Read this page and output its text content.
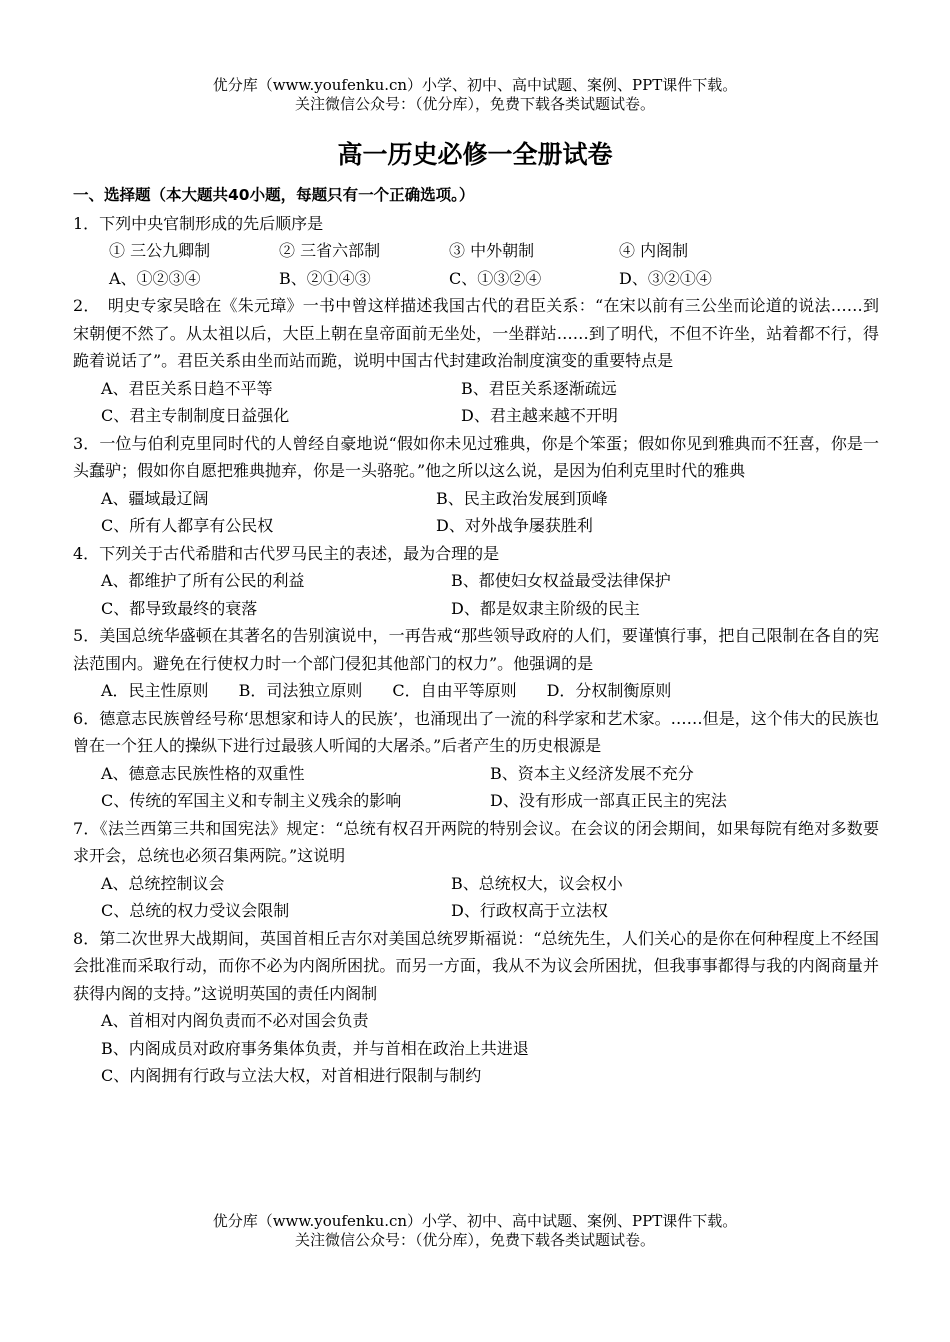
优分库（www.youfenku.cn）小学、初中、高中试题、案例、PPT课件下载。
关注微信公众号：（优分库），免费下载各类试题试卷。
高一历史必修一全册试卷
一、选择题（本大题共40小题，每题只有一个正确选项。）
1．下列中央官制形成的先后顺序是
① 三公九卿制	② 三省六部制	③ 中外朝制	④ 内阁制
A、①②③④	B、②①④③	C、①③②④	D、③②①④
2．　明史专家吴晗在《朱元璋》一书中曾这样描述我国古代的君臣关系：“在宋以前有三公坐而论道的说法……到宋朝便不然了。从太祖以后，大臣上朝在皇帝面前无坐处，一坐群站……到了明代，不但不许坐，站着都不行，得跪着说话了”。君臣关系由坐而站而跪，说明中国古代封建政治制度演变的重要特点是
A、君臣关系日趋不平等	B、君臣关系逐渐疏远
C、君主专制制度日益强化	D、君主越来越不开明
3．一位与伯利克里同时代的人曾经自豪地说“假如你未见过雅典，你是个笨蛋；假如你见到雅典而不狂喜，你是一头蠢驴；假如你自愿把雅典抛弃，你是一头骆驼。”他之所以这么说，是因为伯利克里时代的雅典
A、疆域最辽阔	B、民主政治发展到顶峰
C、所有人都享有公民权	D、对外战争屡获胜利
4．下列关于古代希腊和古代罗马民主的表述，最为合理的是
A、都维护了所有公民的利益	B、都使妇女权益最受法律保护
C、都导致最终的衰落	D、都是奴隶主阶级的民主
5．美国总统华盛顿在其著名的告别演说中，一再告戒“那些领导政府的人们，要谨慎行事，把自己限制在各自的宪法范围内。避免在行使权力时一个部门侵犯其他部门的权力”。他强调的是
A．民主性原则 B．司法独立原则 C．自由平等原则 D．分权制衡原则
6．德意志民族曾经号称‘思想家和诗人的民族’，也涌现出了一流的科学家和艺术家。……但是，这个伟大的民族也曾在一个狂人的操纵下进行过最骇人听闻的大屠杀。”后者产生的历史根源是
A、德意志民族性格的双重性	B、资本主义经济发展不充分
C、传统的军国主义和专制主义残余的影响	D、没有形成一部真正民主的宪法
7．《法兰西第三共和国宪法》规定：“总统有权召开两院的特别会议。在会议的闭会期间，如果每院有绝对多数要求开会，总统也必须召集两院。”这说明
A、总统控制议会	B、总统权大，议会权小
C、总统的权力受议会限制	D、行政权高于立法权
8．第二次世界大战期间，英国首相丘吉尔对美国总统罗斯福说：“总统先生，人们关心的是你在何种程度上不经国会批准而采取行动，而你不必为内阁所困扰。而另一方面，我从不为议会所困扰，但我事事都得与我的内阁商量并获得内阁的支持。”这说明英国的责任内阁制
A、首相对内阁负责而不必对国会负责
B、内阁成员对政府事务集体负责，并与首相在政治上共进退
C、内阁拥有行政与立法大权，对首相进行限制与制约
优分库（www.youfenku.cn）小学、初中、高中试题、案例、PPT课件下载。
关注微信公众号：（优分库），免费下载各类试题试卷。
